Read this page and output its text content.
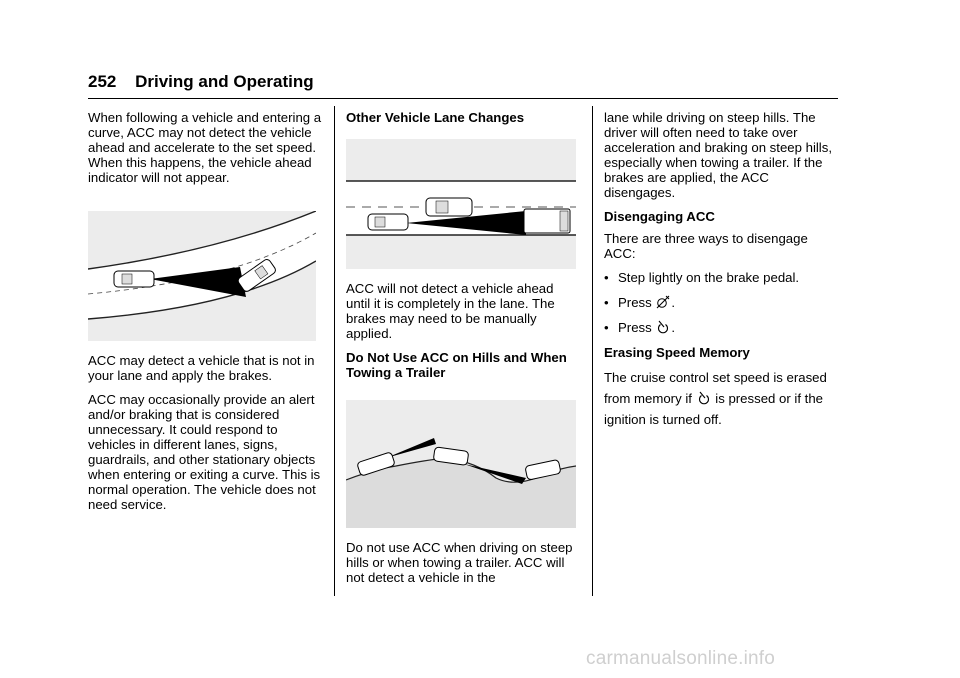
252 Driving and Operating

When following a vehicle and entering a curve, ACC may not detect the vehicle ahead and accelerate to the set speed. When this happens, the vehicle ahead indicator will not appear.

ACC may detect a vehicle that is not in your lane and apply the brakes.

ACC may occasionally provide an alert and/or braking that is considered unnecessary. It could respond to vehicles in different lanes, signs, guardrails, and other stationary objects when entering or exiting a curve. This is normal operation. The vehicle does not need service.

Other Vehicle Lane Changes

ACC will not detect a vehicle ahead until it is completely in the lane. The brakes may need to be manually applied.

Do Not Use ACC on Hills and When Towing a Trailer

Do not use ACC when driving on steep hills or when towing a trailer. ACC will not detect a vehicle in the

lane while driving on steep hills. The driver will often need to take over acceleration and braking on steep hills, especially when towing a trailer. If the brakes are applied, the ACC disengages.

Disengaging ACC

There are three ways to disengage ACC:

• Step lightly on the brake pedal.
• Press .
• Press .
Erasing Speed Memory

The cruise control set speed is erased from memory if is pressed or if the ignition is turned off.

carmanualsonline.info
